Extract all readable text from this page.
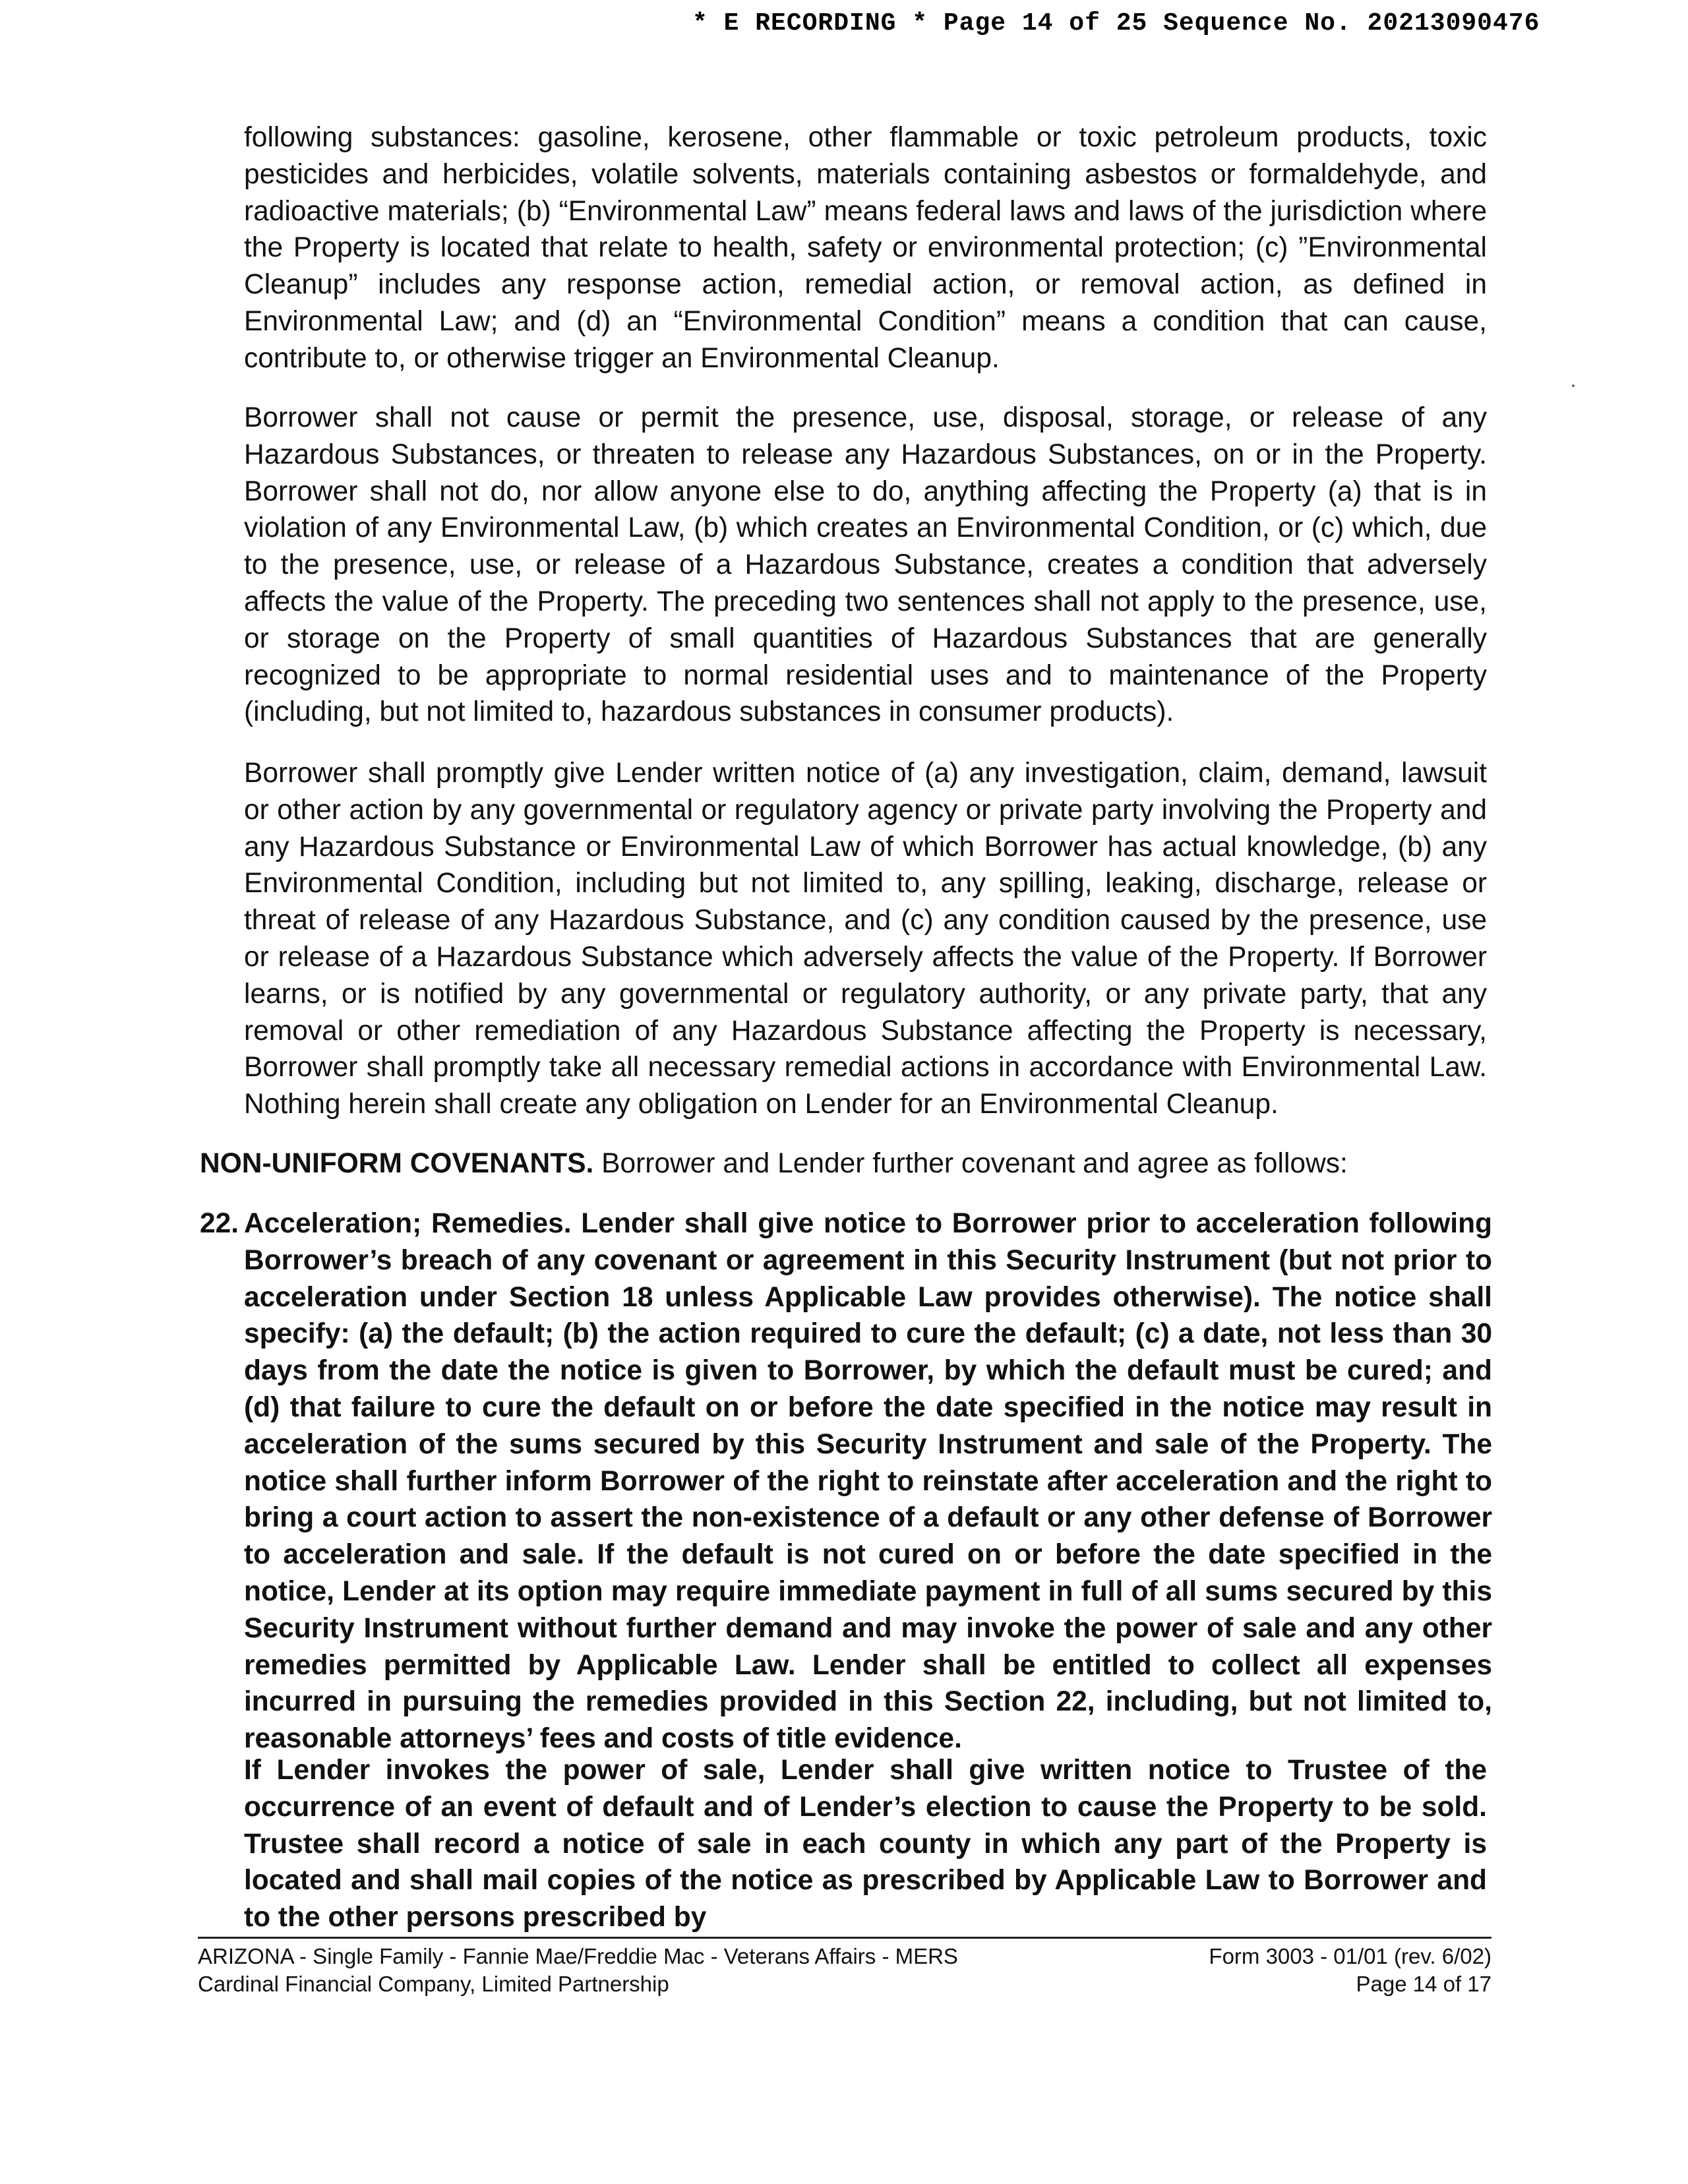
* E RECORDING * Page 14 of 25 Sequence No. 20213090476
following substances: gasoline, kerosene, other flammable or toxic petroleum products, toxic pesticides and herbicides, volatile solvents, materials containing asbestos or formaldehyde, and radioactive materials; (b) “Environmental Law” means federal laws and laws of the jurisdiction where the Property is located that relate to health, safety or environmental protection; (c) ”Environmental Cleanup” includes any response action, remedial action, or removal action, as defined in Environmental Law; and (d) an “Environmental Condition” means a condition that can cause, contribute to, or otherwise trigger an Environmental Cleanup.
Borrower shall not cause or permit the presence, use, disposal, storage, or release of any Hazardous Substances, or threaten to release any Hazardous Substances, on or in the Property. Borrower shall not do, nor allow anyone else to do, anything affecting the Property (a) that is in violation of any Environmental Law, (b) which creates an Environmental Condition, or (c) which, due to the presence, use, or release of a Hazardous Substance, creates a condition that adversely affects the value of the Property. The preceding two sentences shall not apply to the presence, use, or storage on the Property of small quantities of Hazardous Substances that are generally recognized to be appropriate to normal residential uses and to maintenance of the Property (including, but not limited to, hazardous substances in consumer products).
Borrower shall promptly give Lender written notice of (a) any investigation, claim, demand, lawsuit or other action by any governmental or regulatory agency or private party involving the Property and any Hazardous Substance or Environmental Law of which Borrower has actual knowledge, (b) any Environmental Condition, including but not limited to, any spilling, leaking, discharge, release or threat of release of any Hazardous Substance, and (c) any condition caused by the presence, use or release of a Hazardous Substance which adversely affects the value of the Property. If Borrower learns, or is notified by any governmental or regulatory authority, or any private party, that any removal or other remediation of any Hazardous Substance affecting the Property is necessary, Borrower shall promptly take all necessary remedial actions in accordance with Environmental Law. Nothing herein shall create any obligation on Lender for an Environmental Cleanup.
NON-UNIFORM COVENANTS. Borrower and Lender further covenant and agree as follows:
22. Acceleration; Remedies. Lender shall give notice to Borrower prior to acceleration following Borrower’s breach of any covenant or agreement in this Security Instrument (but not prior to acceleration under Section 18 unless Applicable Law provides otherwise). The notice shall specify: (a) the default; (b) the action required to cure the default; (c) a date, not less than 30 days from the date the notice is given to Borrower, by which the default must be cured; and (d) that failure to cure the default on or before the date specified in the notice may result in acceleration of the sums secured by this Security Instrument and sale of the Property. The notice shall further inform Borrower of the right to reinstate after acceleration and the right to bring a court action to assert the non-existence of a default or any other defense of Borrower to acceleration and sale. If the default is not cured on or before the date specified in the notice, Lender at its option may require immediate payment in full of all sums secured by this Security Instrument without further demand and may invoke the power of sale and any other remedies permitted by Applicable Law. Lender shall be entitled to collect all expenses incurred in pursuing the remedies provided in this Section 22, including, but not limited to, reasonable attorneys’ fees and costs of title evidence.
If Lender invokes the power of sale, Lender shall give written notice to Trustee of the occurrence of an event of default and of Lender’s election to cause the Property to be sold. Trustee shall record a notice of sale in each county in which any part of the Property is located and shall mail copies of the notice as prescribed by Applicable Law to Borrower and to the other persons prescribed by
ARIZONA - Single Family - Fannie Mae/Freddie Mac - Veterans Affairs - MERS	Form 3003 - 01/01 (rev. 6/02)
Cardinal Financial Company, Limited Partnership	Page 14 of 17
